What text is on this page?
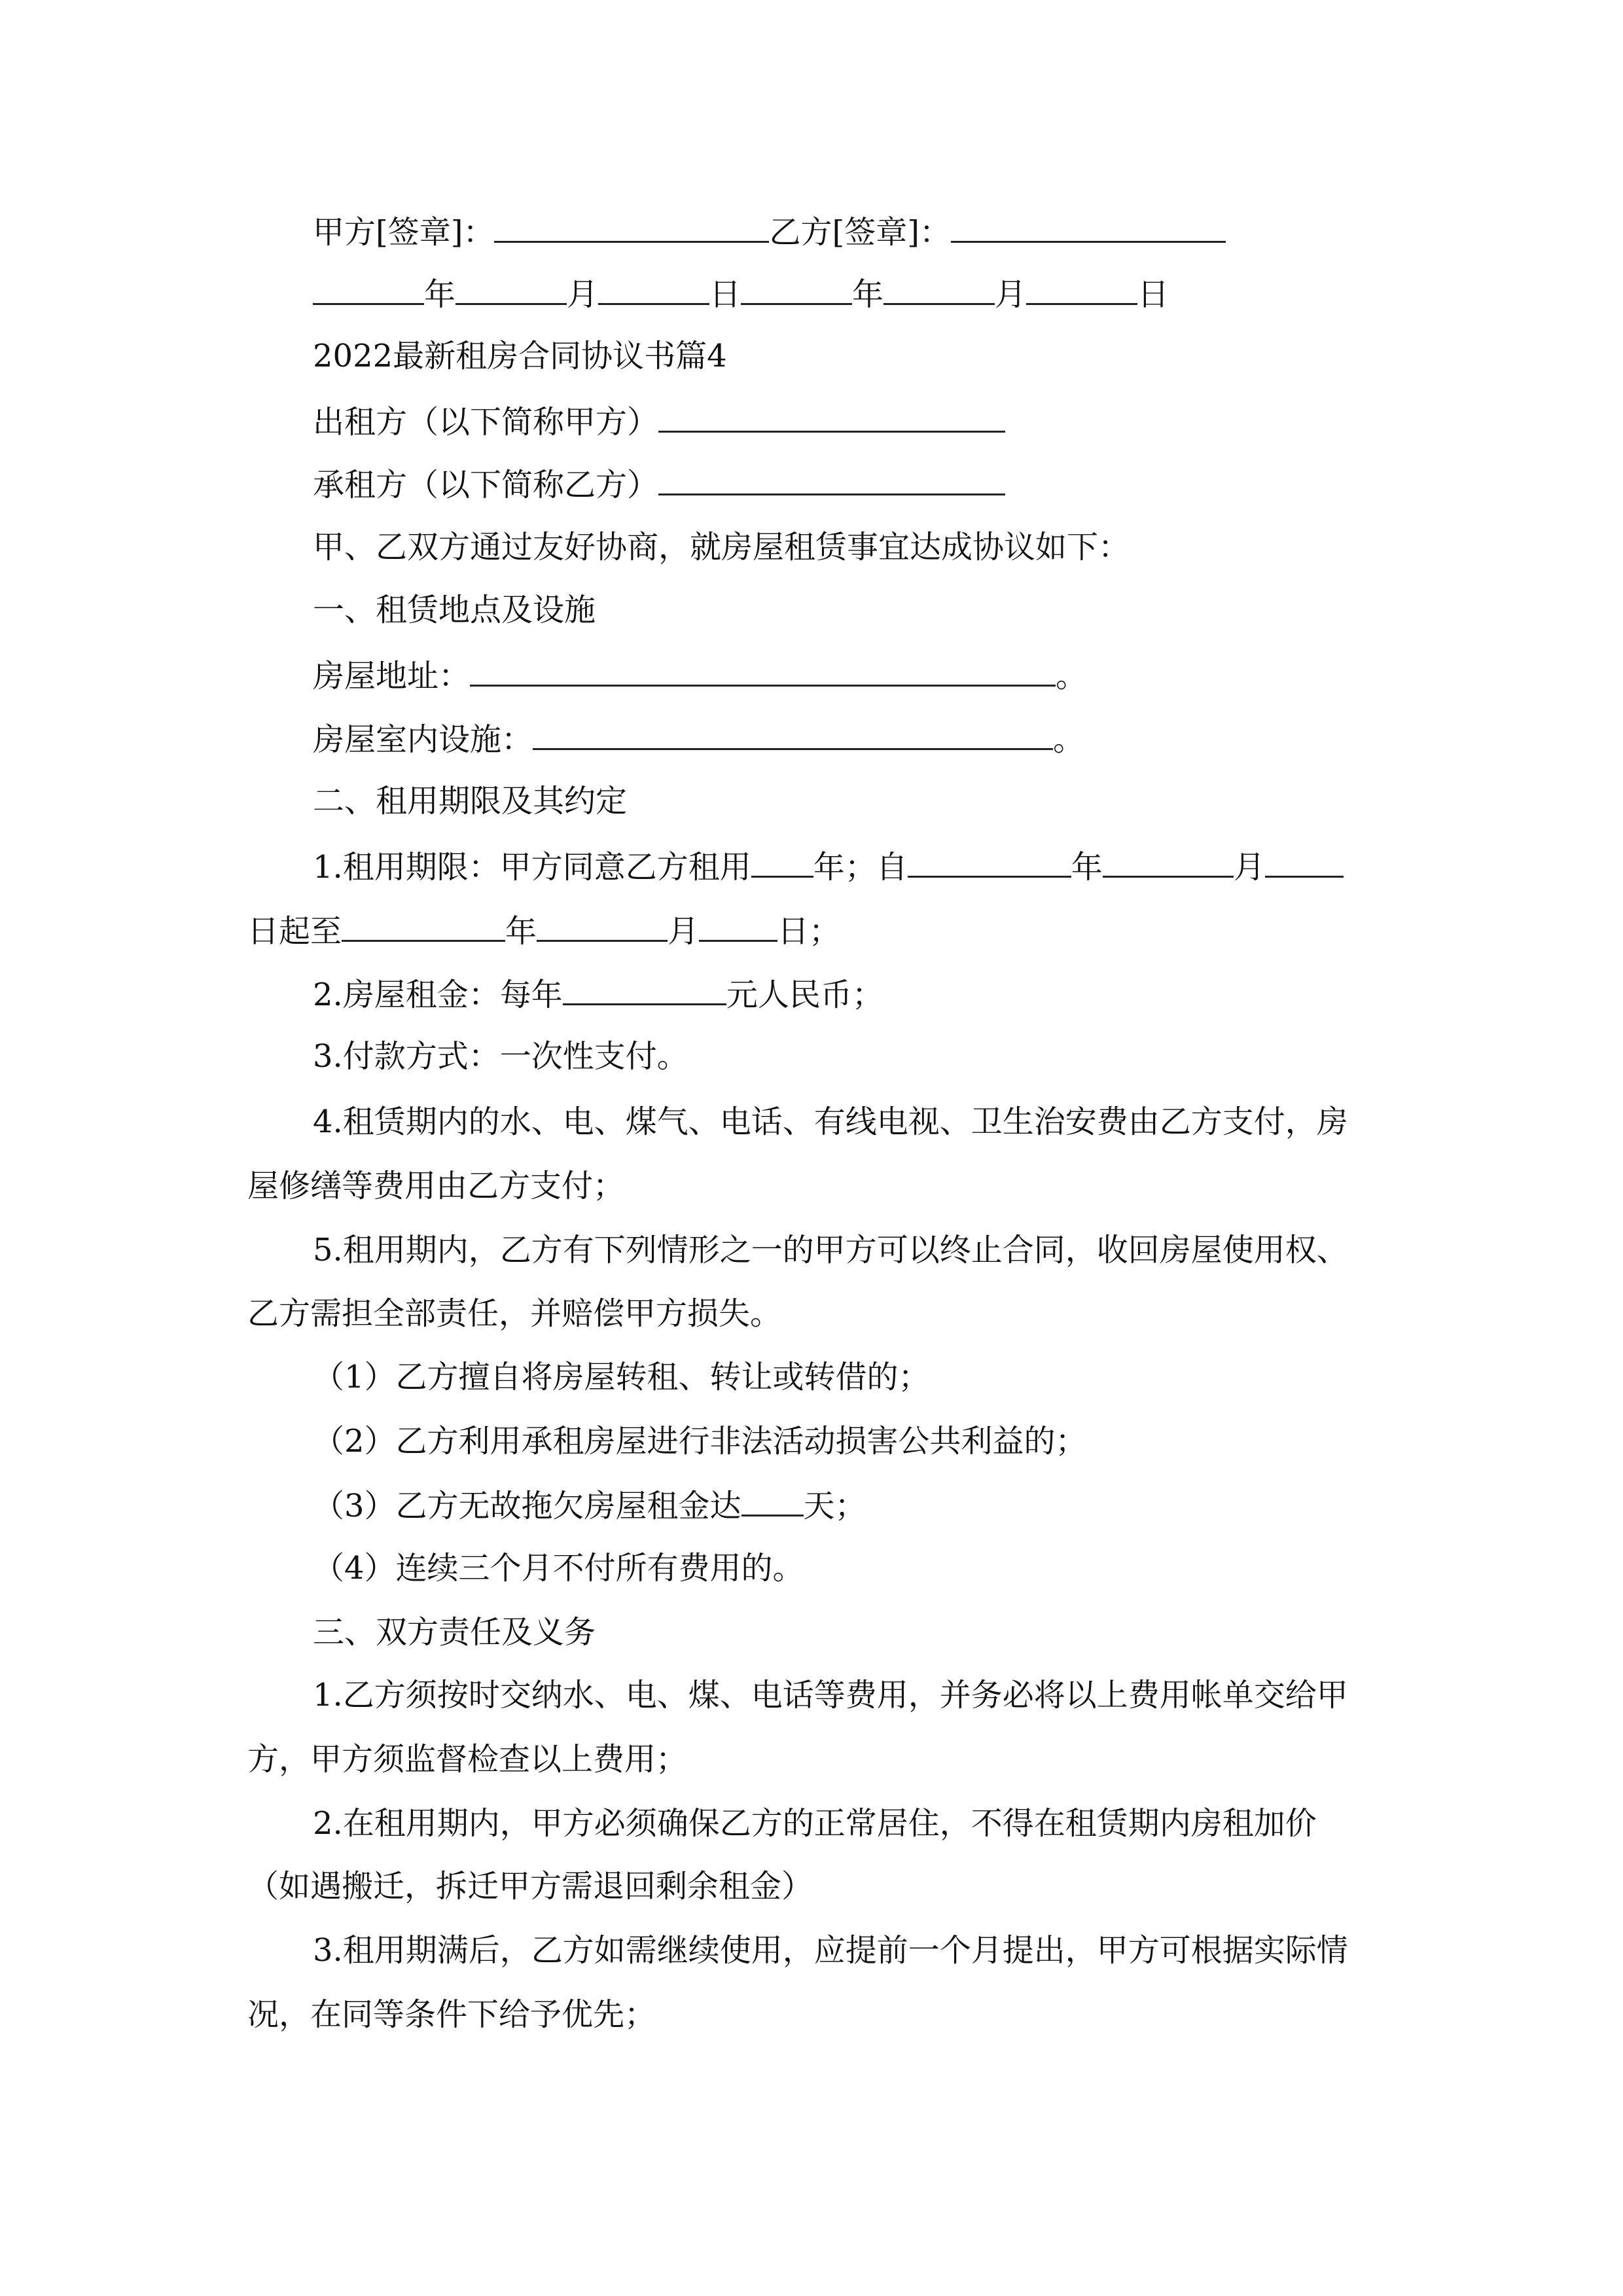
甲方[签章]：	乙方[签章]：
年	月	日	年	月	日
2022最新租房合同协议书篇4
出租方（以下简称甲方）
承租方（以下简称乙方）
甲、乙双方通过友好协商，就房屋租赁事宜达成协议如下：
一、租赁地点及设施
房屋地址：	。
房屋室内设施：	。
二、租用期限及其约定
1.租用期限：甲方同意乙方租用 年；自	年	月
日起至	年	月	日；
2.房屋租金：每年	元人民币；
3.付款方式：一次性支付。
4.租赁期内的水、电、煤气、电话、有线电视、卫生治安费由乙方支付，房
屋修缮等费用由乙方支付；
5.租用期内，乙方有下列情形之一的甲方可以终止合同，收回房屋使用权、
乙方需担全部责任，并赔偿甲方损失。
（1）乙方擅自将房屋转租、转让或转借的；
（2）乙方利用承租房屋进行非法活动损害公共利益的；
（3）乙方无故拖欠房屋租金达 天；
（4）连续三个月不付所有费用的。
三、双方责任及义务
1.乙方须按时交纳水、电、煤、电话等费用，并务必将以上费用帐单交给甲
方，甲方须监督检查以上费用；
2.在租用期内，甲方必须确保乙方的正常居住，不得在租赁期内房租加价
（如遇搬迁，拆迁甲方需退回剩余租金）
3.租用期满后，乙方如需继续使用，应提前一个月提出，甲方可根据实际情
况，在同等条件下给予优先；
